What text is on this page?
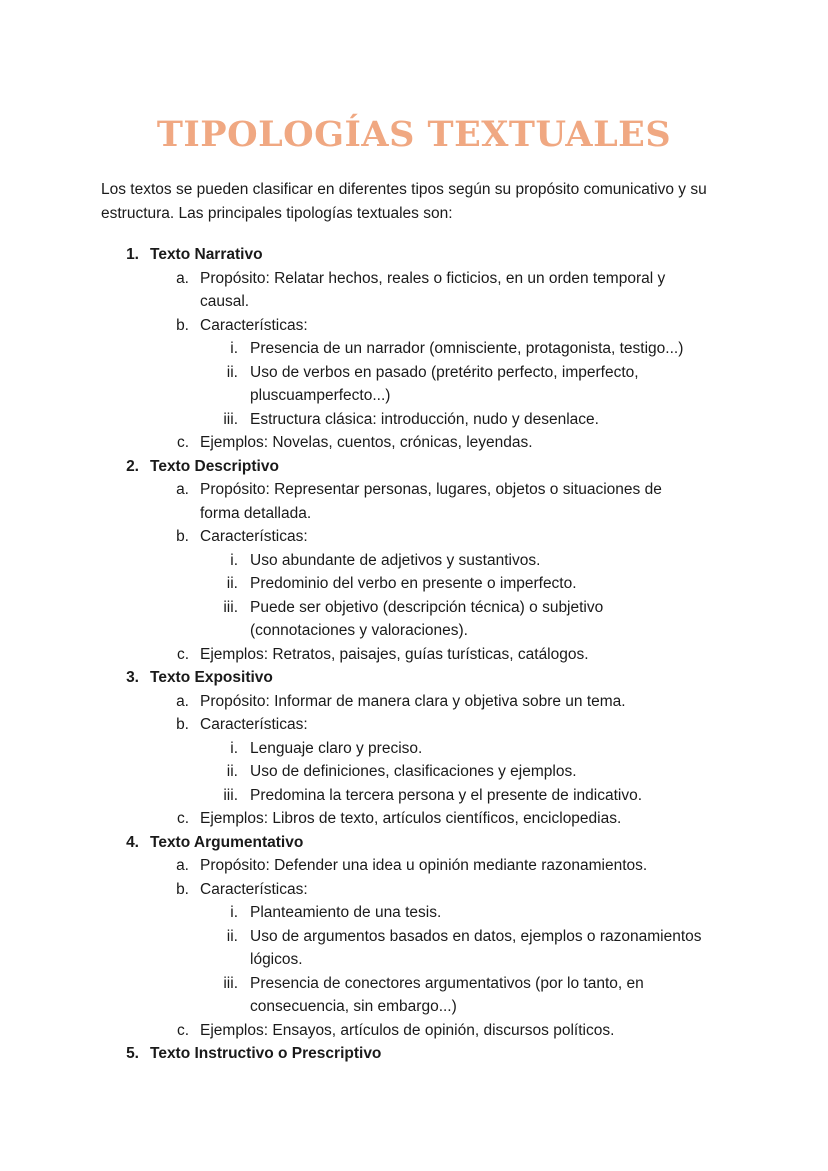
TIPOLOGÍAS TEXTUALES

Los textos se pueden clasificar en diferentes tipos según su propósito comunicativo y su estructura. Las principales tipologías textuales son:

1. Texto Narrativo
a. Propósito: Relatar hechos, reales o ficticios, en un orden temporal y
causal.
b. Características:
i. Presencia de un narrador (omnisciente, protagonista, testigo...)
ii. Uso de verbos en pasado (pretérito perfecto, imperfecto,
pluscuamperfecto...)
iii. Estructura clásica: introducción, nudo y desenlace.
c. Ejemplos: Novelas, cuentos, crónicas, leyendas.
2. Texto Descriptivo
a. Propósito: Representar personas, lugares, objetos o situaciones de
forma detallada.
b. Características:
i. Uso abundante de adjetivos y sustantivos.
ii. Predominio del verbo en presente o imperfecto.
iii. Puede ser objetivo (descripción técnica) o subjetivo
(connotaciones y valoraciones).
c. Ejemplos: Retratos, paisajes, guías turísticas, catálogos.
3. Texto Expositivo
a. Propósito: Informar de manera clara y objetiva sobre un tema.
b. Características:
i. Lenguaje claro y preciso.
ii. Uso de definiciones, clasificaciones y ejemplos.
iii. Predomina la tercera persona y el presente de indicativo.
c. Ejemplos: Libros de texto, artículos científicos, enciclopedias.
4. Texto Argumentativo
a. Propósito: Defender una idea u opinión mediante razonamientos.
b. Características:
i. Planteamiento de una tesis.
ii. Uso de argumentos basados en datos, ejemplos o razonamientos
lógicos.
iii. Presencia de conectores argumentativos (por lo tanto, en
consecuencia, sin embargo...)
c. Ejemplos: Ensayos, artículos de opinión, discursos políticos.
5. Texto Instructivo o Prescriptivo
